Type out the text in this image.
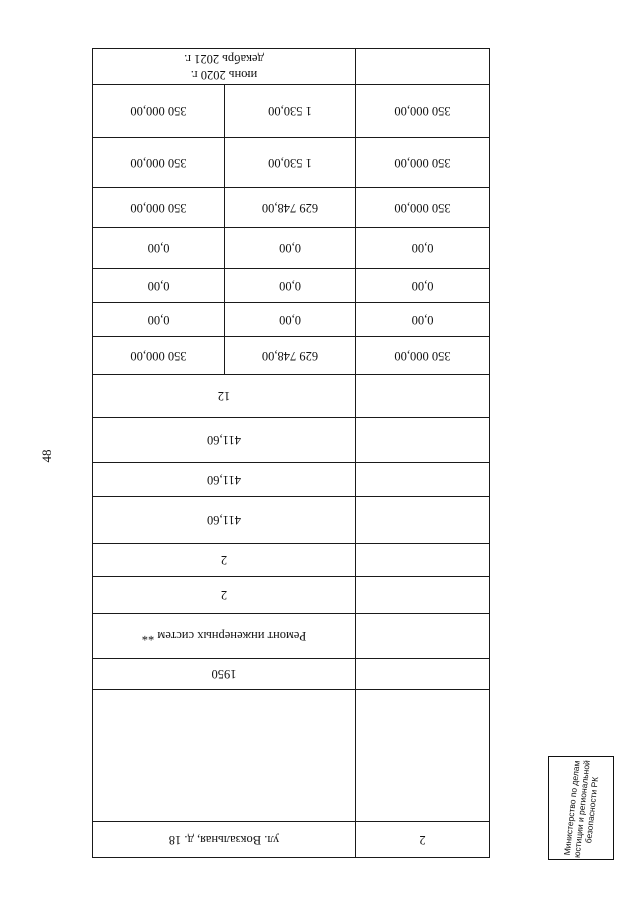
48
2	ул. Вокзальная, д. 18	

	1950	
	Ремонт инженерных систем **	
	2	
	2	
	411,60	
	411,60	
	411,60	
	12	
350 000,00	629 748,00	350 000,00
0,00	0,00	0,00
0,00	0,00	0,00
0,00	0,00	0,00
350 000,00	629 748,00	350 000,00
350 000,00	1 530,00	350 000,00
350 000,00	1 530,00	350 000,00

	июнь 2020 г.
декабрь 2021 г.	
Министерство по делам юстиции и региональной безопасности РК
